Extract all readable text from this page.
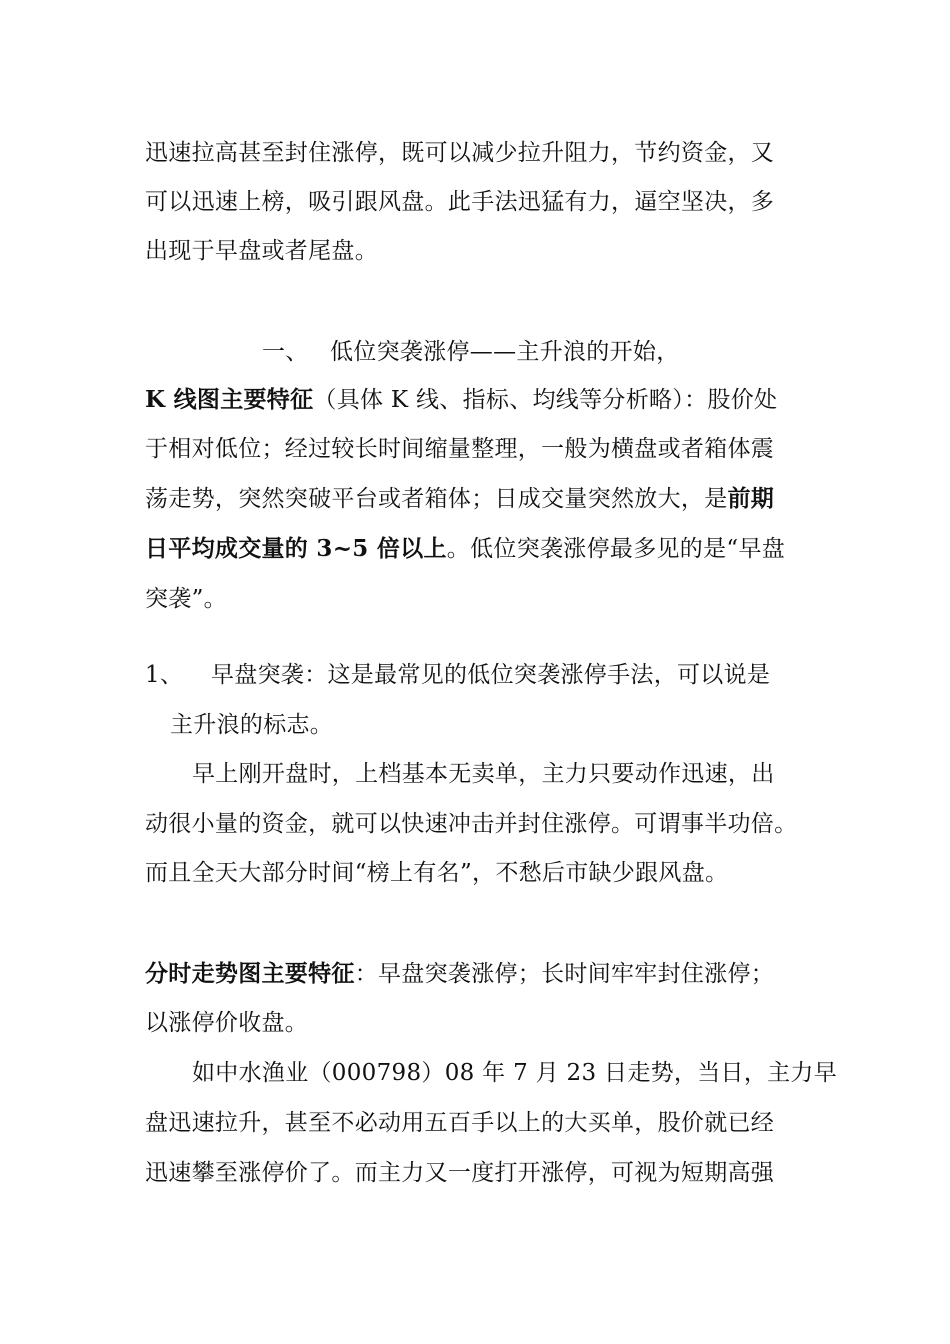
迅速拉高甚至封住涨停，既可以减少拉升阻力，节约资金，又
可以迅速上榜，吸引跟风盘。此手法迅猛有力，逼空坚决，多
出现于早盘或者尾盘。
一、 低位突袭涨停——主升浪的开始，
K 线图主要特征（具体 K 线、指标、均线等分析略）：股价处
于相对低位；经过较长时间缩量整理，一般为横盘或者箱体震
荡走势，突然突破平台或者箱体；日成交量突然放大，是前期
日平均成交量的 3~5 倍以上。低位突袭涨停最多见的是“早盘
突袭”。
1、 早盘突袭：这是最常见的低位突袭涨停手法，可以说是
主升浪的标志。
早上刚开盘时，上档基本无卖单，主力只要动作迅速，出
动很小量的资金，就可以快速冲击并封住涨停。可谓事半功倍。
而且全天大部分时间“榜上有名”，不愁后市缺少跟风盘。
分时走势图主要特征：早盘突袭涨停；长时间牢牢封住涨停；
以涨停价收盘。
如中水渔业（000798）08 年 7 月 23 日走势，当日，主力早
盘迅速拉升，甚至不必动用五百手以上的大买单，股价就已经
迅速攀至涨停价了。而主力又一度打开涨停，可视为短期高强
